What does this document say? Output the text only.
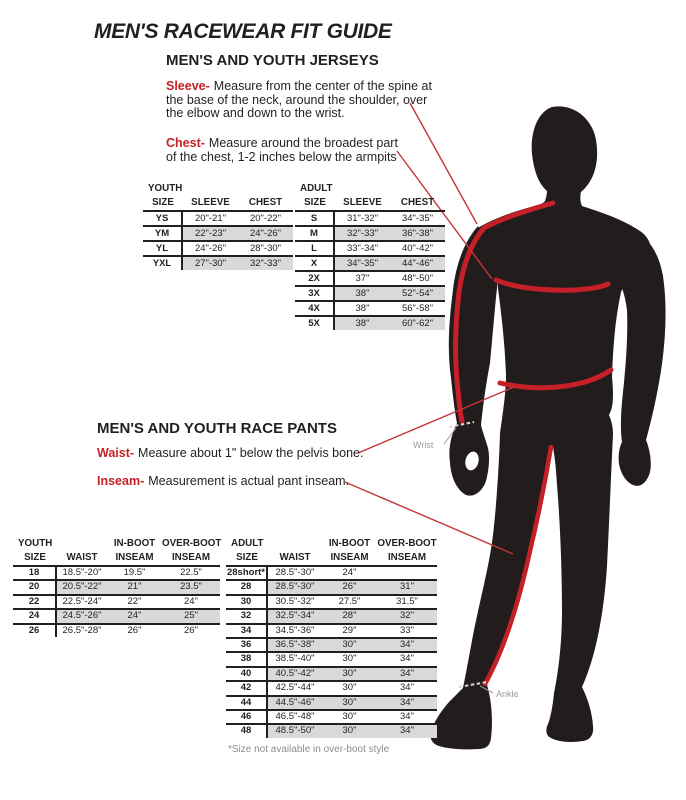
MEN'S RACEWEAR FIT GUIDE
MEN'S AND YOUTH JERSEYS
Sleeve- Measure from the center of the spine at the base of the neck, around the shoulder, over the elbow and down to the wrist.
Chest- Measure around the broadest part of the chest, 1-2 inches below the armpits
MEN'S AND YOUTH RACE PANTS
Waist- Measure about 1" below the pelvis bone.
Inseam- Measurement is actual pant inseam.
YOUTH
SIZE	SLEEVE	CHEST
YS	20"-21"	20"-22"
YM	22"-23"	24"-26"
YL	24"-26"	28"-30"
YXL	27"-30"	32"-33"
ADULT
SIZE	SLEEVE	CHEST
S	31"-32"	34"-35"
M	32"-33"	36"-38"
L	33"-34"	40"-42"
X	34"-35"	44"-46"
2X	37"	48"-50"
3X	38"	52"-54"
4X	38"	56"-58"
5X	38"	60"-62"
YOUTH	IN-BOOT OVER-BOOT
SIZE	WAIST	INSEAM	INSEAM
18	18.5"-20"	19.5"	22.5"
20	20.5"-22"	21"	23.5"
22	22.5"-24"	22"	24"
24	24.5"-26"	24"	25"
26	26.5"-28"	26"	26"
ADULT	IN-BOOT OVER-BOOT
SIZE	WAIST	INSEAM	INSEAM
28short*	28.5"-30"	24"
28	28.5"-30"	26"	31"
30	30.5"-32"	27.5"	31.5"
32	32.5"-34"	28"	32"
34	34.5"-36"	29"	33"
36	36.5"-38"	30"	34"
38	38.5"-40"	30"	34"
40	40.5"-42"	30"	34"
42	42.5"-44"	30"	34"
44	44.5"-46"	30"	34"
46	46.5"-48"	30"	34"
48	48.5"-50"	30"	34"
*Size not available in over-boot style
Wrist
Ankle
